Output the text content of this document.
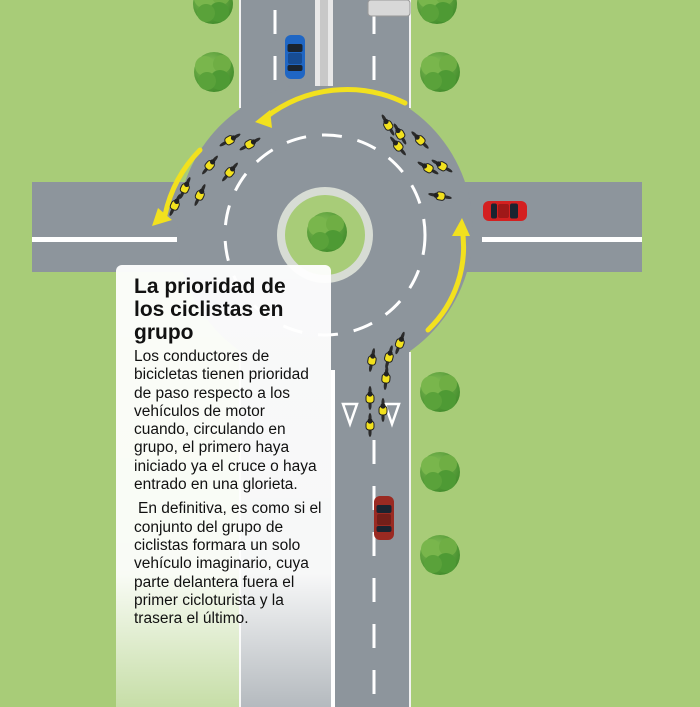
La prioridad de los ciclistas en grupo

Los conductores de bicicletas tienen prioridad de paso respecto a los vehículos de motor cuando, circulando en grupo, el primero haya iniciado ya el cruce o haya entrado en una glorieta.

En definitiva, es como si el conjunto del grupo de ciclistas formara un solo vehículo imaginario, cuya parte delantera fuera el primer cicloturista y la trasera el último.
